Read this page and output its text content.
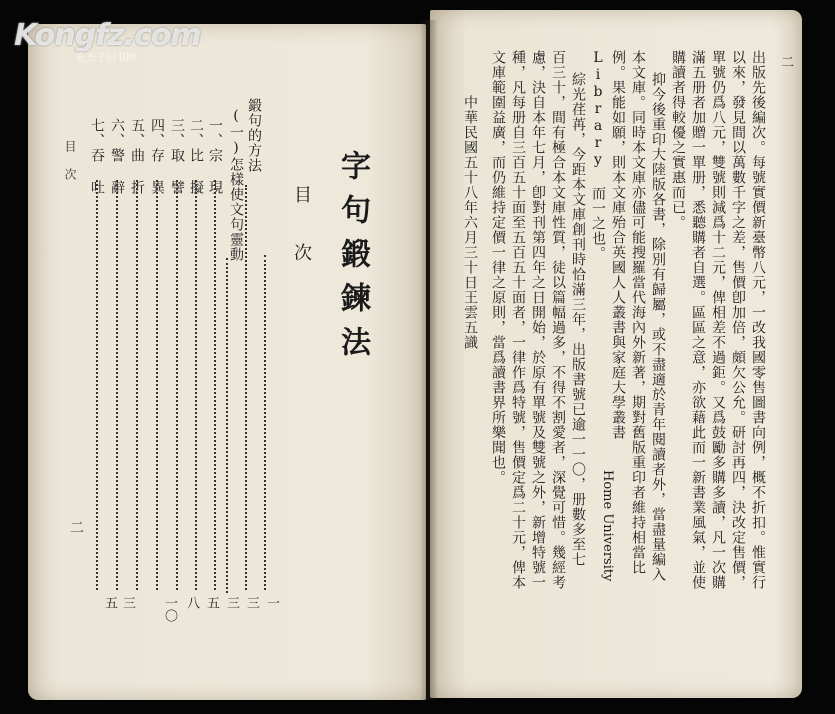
Kongfz.com
孔夫子旧书网
字句鍛鍊法
目次
鍛句的方法
(一)怎樣使文句靈動
一、宗 現
二、比 擬
三、取 譬
四、存 異
五、曲 折
六、警 辭
七、吞 吐
一
三
三
五
八
一〇
三
五
目 次
二
二
出版先後編次。每號實價新臺幣八元，一改我國零售圖書向例，概不折扣。惟實行
以來，發見間以萬數千字之差，售價卽加倍，頗欠公允。研討再四，決改定售價，
單號仍爲八元，雙號則減爲十二元，俾相差不過鉅。又爲鼓勵多購多讀，凡一次購
滿五册者加贈一單册，悉聽購者自選。區區之意，亦欲藉此而一新書業風氣，並使
購讀者得較優之實惠而已。
抑今後重印大陸版各書，除別有歸屬，或不盡適於青年閱讀者外，當盡量編入
本文庫。同時本文庫亦儘可能搜羅當代海內外新著，期對舊版重印者維持相當比
例。果能如願，則本文庫殆合英國人人叢書與家庭大學叢書
Home University
Library 而一之也。
綜光荏苒，今距本文庫創刊時恰滿三年，出版書號已逾一一〇，册數多至七
百三十，間有極合本文庫性質，徒以篇幅過多，不得不割愛者，深覺可惜。幾經考
慮，決自本年七月，卽對刊第四年之日開始，於原有單號及雙號之外，新增特號一
種，凡每册自三百五十面至五百五十面者，一律作爲特號，售價定爲二十元，俾本
文庫範圍益廣，而仍維持定價一律之原則，當爲讀書界所樂聞也。
中華民國五十八年六月三十日王雲五識
